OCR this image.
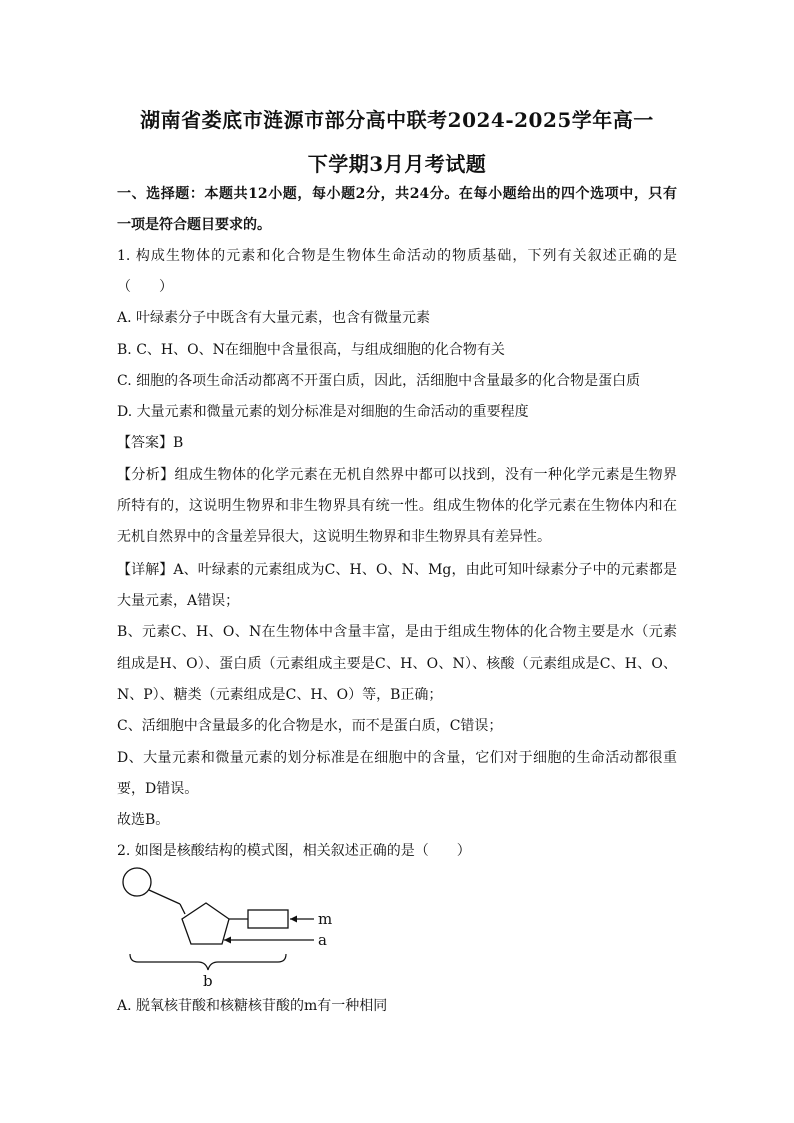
湖南省娄底市涟源市部分高中联考2024-2025学年高一
下学期3月月考试题
一、选择题：本题共12小题，每小题2分，共24分。在每小题给出的四个选项中，只有
一项是符合题目要求的。
1. 构成生物体的元素和化合物是生物体生命活动的物质基础，下列有关叙述正确的是
（　　）
A. 叶绿素分子中既含有大量元素，也含有微量元素
B. C、H、O、N在细胞中含量很高，与组成细胞的化合物有关
C. 细胞的各项生命活动都离不开蛋白质，因此，活细胞中含量最多的化合物是蛋白质
D. 大量元素和微量元素的划分标准是对细胞的生命活动的重要程度
【答案】B
【分析】组成生物体的化学元素在无机自然界中都可以找到，没有一种化学元素是生物界
所特有的，这说明生物界和非生物界具有统一性。组成生物体的化学元素在生物体内和在
无机自然界中的含量差异很大，这说明生物界和非生物界具有差异性。
【详解】A、叶绿素的元素组成为C、H、O、N、Mg，由此可知叶绿素分子中的元素都是
大量元素，A错误；
B、元素C、H、O、N在生物体中含量丰富，是由于组成生物体的化合物主要是水（元素
组成是H、O）、蛋白质（元素组成主要是C、H、O、N）、核酸（元素组成是C、H、O、
N、P）、糖类（元素组成是C、H、O）等，B正确；
C、活细胞中含量最多的化合物是水，而不是蛋白质，C错误；
D、大量元素和微量元素的划分标准是在细胞中的含量，它们对于细胞的生命活动都很重
要，D错误。
故选B。
2. 如图是核酸结构的模式图，相关叙述正确的是（　　）
m
a
b
A. 脱氧核苷酸和核糖核苷酸的m有一种相同
